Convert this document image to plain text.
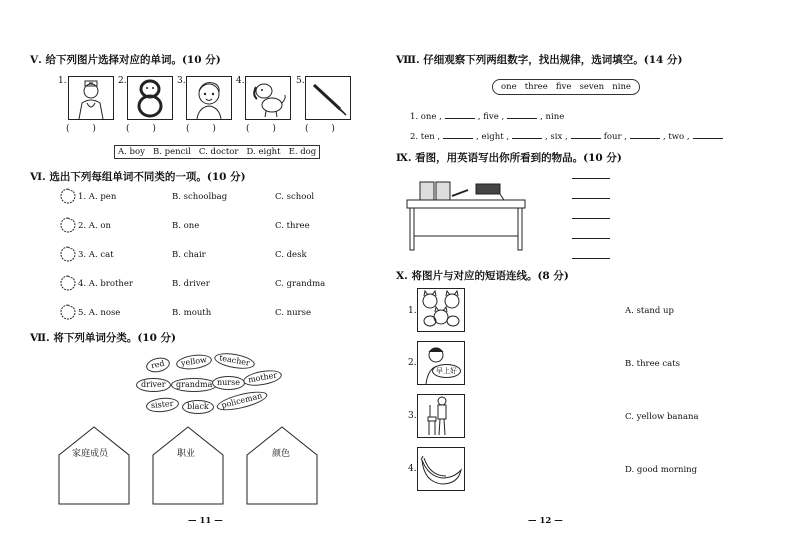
Ⅴ. 给下列图片选择对应的单词。(10 分)
1.	2.	3.	4.	5.
( ) ( ) ( ) ( ) ( )
A. boy   B. pencil   C. doctor   D. eight   E. dog
Ⅵ. 选出下列每组单词不同类的一项。(10 分)
1. A. pen	B. schoolbag	C. school
2. A. on	B. one	C. three
3. A. cat	B. chair	C. desk
4. A. brother	B. driver	C. grandma
5. A. nose	B. mouth	C. nurse
Ⅶ. 将下列单词分类。(10 分)
red	yellow	teacher
driver	grandma nurse mother
sister	black	policeman
家庭成员	职业	颜色
— 11 —
Ⅷ. 仔细观察下列两组数字，找出规律，选词填空。(14 分)
one   three   five   seven   nine
1. one ,	, five ,	, nine
2. ten ,	, eight ,	, six ,	four ,	, two ,
Ⅸ. 看图，用英语写出你所看到的物品。(10 分)
Ⅹ. 将图片与对应的短语连线。(8 分)
1.
2.
早上好
3.
4.
A. stand up
B. three cats
C. yellow banana
D. good morning
— 12 —
